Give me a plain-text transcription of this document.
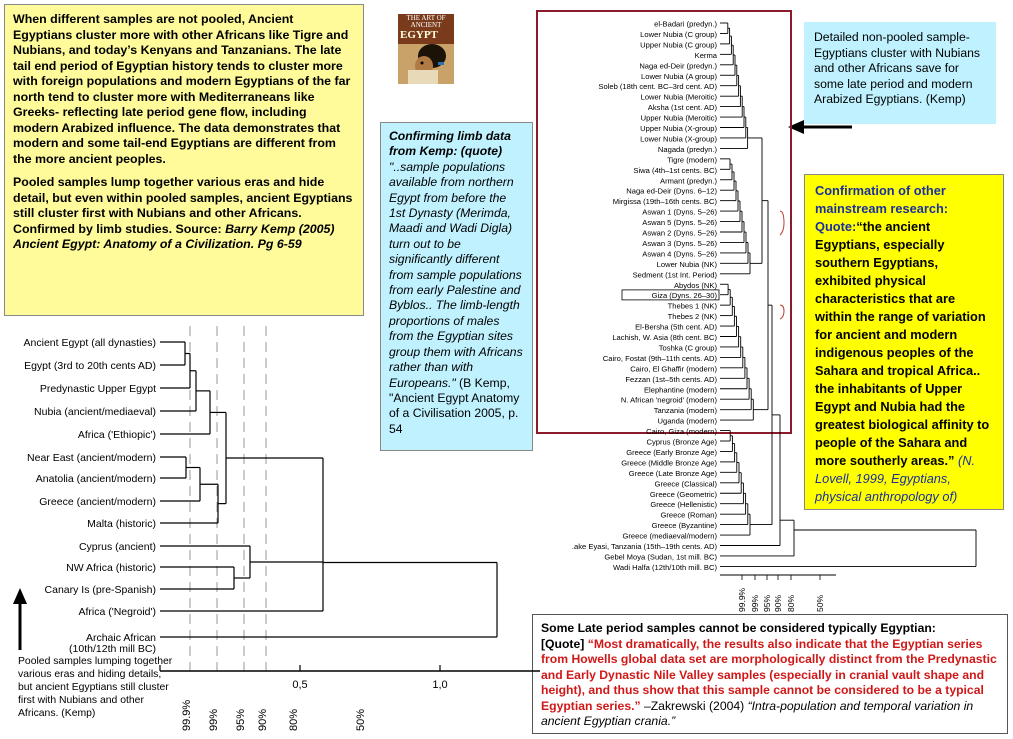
When different samples are not pooled, Ancient Egyptians cluster more with other Africans like Tigre and Nubians, and today’s Kenyans and Tanzanians. The late tail end period of Egyptian history tends to cluster more with foreign populations and modern Egyptians of the far north tend to cluster more with Mediterraneans like Greeks- reflecting late period gene flow, including modern Arabized influence. The data demonstrates that modern and some tail-end Egyptians are different from the more ancient peoples.

Pooled samples lump together various eras and hide detail, but even within pooled samples, ancient Egyptians still cluster first with Nubians and other Africans. Confirmed by limb studies. Source: Barry Kemp (2005) Ancient Egypt: Anatomy of a Civilization. Pg 6-59

THE ART OF ANCIENT
EGYPT
Confirming limb data from Kemp: (quote)
"..sample populations available from northern Egypt from before the 1st Dynasty (Merimda, Maadi and Wadi Digla) turn out to be significantly different from sample populations from early Palestine and Byblos.. The limb-length proportions of males from the Egyptian sites group them with Africans rather than with Europeans." (B Kemp, "Ancient Egypt Anatomy of a Civilisation 2005, p. 54
Detailed non-pooled sample- Egyptians cluster with Nubians and other Africans save for some late period and modern Arabized Egyptians. (Kemp)
Confirmation of other mainstream research: Quote:“the ancient Egyptians, especially southern Egyptians, exhibited physical characteristics that are within the range of variation for ancient and modern indigenous peoples of the Sahara and tropical Africa.. the inhabitants of Upper Egypt and Nubia had the greatest biological affinity to people of the Sahara and more southerly areas.” (N. Lovell, 1999, Egyptians, physical anthropology of)
Some Late period samples cannot be considered typically Egyptian:
[Quote] “Most dramatically, the results also indicate that the Egyptian series from Howells global data set are morphologically distinct from the Predynastic and Early Dynastic Nile Valley samples (especially in cranial vault shape and height), and thus show that this sample cannot be considered to be a typical Egyptian series.” –Zakrewski (2004) “Intra-population and temporal variation in ancient Egyptian crania.”
Pooled samples lumping together various eras and hiding details, but ancient Egyptians still cluster first with Nubians and other Africans. (Kemp)
Ancient Egypt (all dynasties)
Egypt (3rd to 20th cents AD)
Predynastic Upper Egypt
Nubia (ancient/mediaeval)
Africa ('Ethiopic')
Near East (ancient/modern)
Anatolia (ancient/modern)
Greece (ancient/modern)
Malta (historic)
Cyprus (ancient)
NW Africa (historic)
Canary Is (pre-Spanish)
Africa ('Negroid')
Archaic African
(10th/12th mill BC)
0,5	1,0
99.9% 99% 95% 90% 80%	50%
el-Badari (predyn.)
Lower Nubia (C group)
Upper Nubia (C group)
Kerma
Naga ed-Deir (predyn.)
Lower Nubia (A group)
Soleb (18th cent. BC–3rd cent. AD)
Lower Nubia (Meroitic)
Aksha (1st cent. AD)
Upper Nubia (Meroitic)
Upper Nubia (X-group)
Lower Nubia (X-group)
Nagada (predyn.)
Tigre (modern)
Siwa (4th–1st cents. BC)
Armant (predyn.)
Naga ed-Deir (Dyns. 6–12)
Mirgissa (19th–16th cents. BC)
Aswan 1 (Dyns. 5–26)
Aswan 5 (Dyns. 5–26)
Aswan 2 (Dyns. 5–26)
Aswan 3 (Dyns. 5–26)
Aswan 4 (Dyns. 5–26)
Lower Nubia (NK)
Sedment (1st Int. Period)
Abydos (NK)
Giza (Dyns. 26–30)
Thebes 1 (NK)
Thebes 2 (NK)
El-Bersha (5th cent. AD)
Lachish, W. Asia (8th cent. BC)
Toshka (C group)
Cairo, Fostat (9th–11th cents. AD)
Cairo, El Ghaffir (modern)
Fezzan (1st–5th cents. AD)
Elephantine (modern)
N. African 'negroid' (modern)
Tanzania (modern)
Uganda (modern)
Cairo, Giza (modern)
Cyprus (Bronze Age)
Greece (Early Bronze Age)
Greece (Middle Bronze Age)
Greece (Late Bronze Age)
Greece (Classical)
Greece (Geometric)
Greece (Hellenistic)
Greece (Roman)
Greece (Byzantine)
Greece (mediaeval/modern)
.ake Eyasi, Tanzania (15th–19th cents. AD)
Gebel Moya (Sudan, 1st mill. BC)
Wadi Halfa (12th/10th mill. BC)
99.9% 99% 95% 90% 80% 50%
